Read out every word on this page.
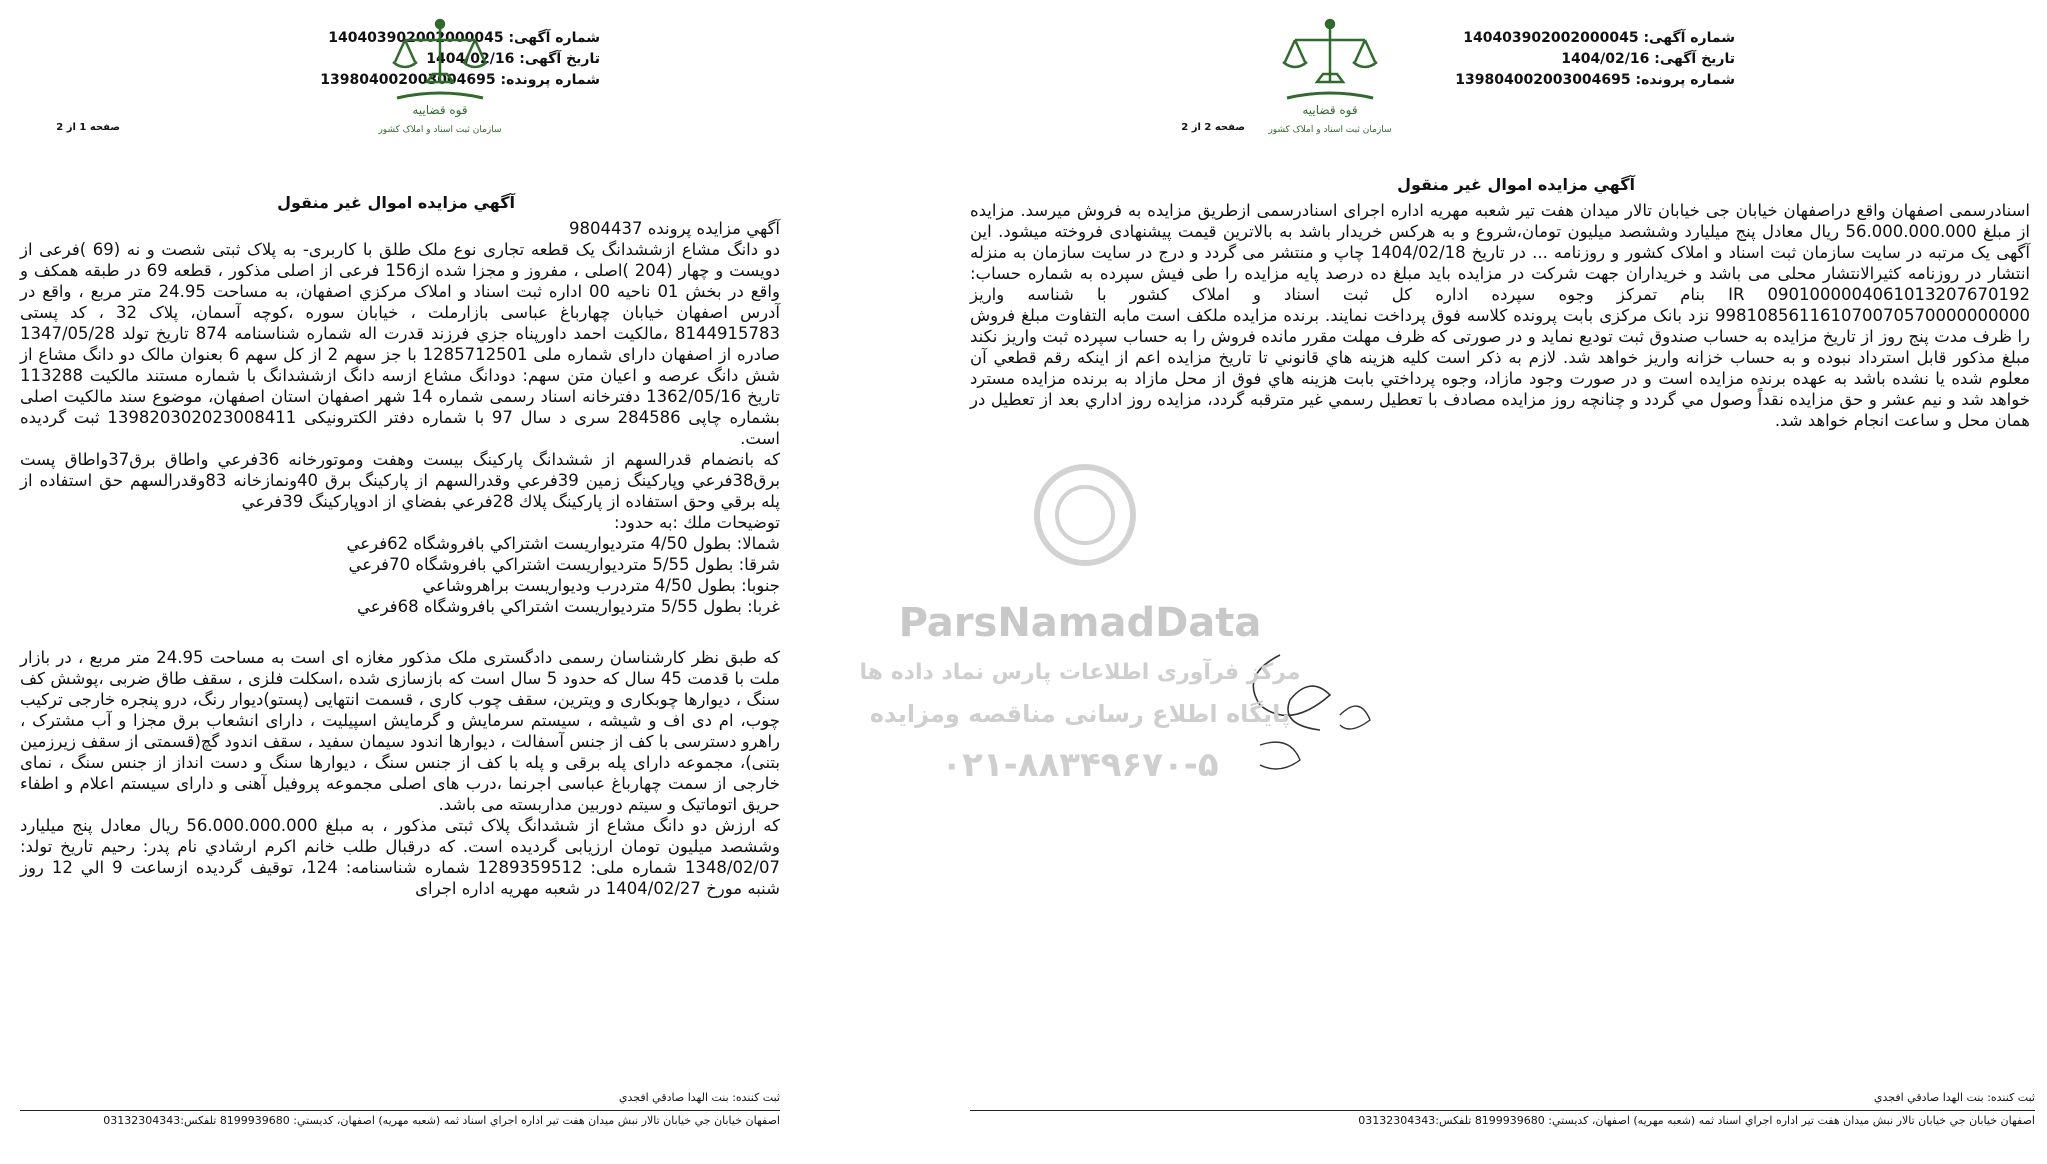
شماره آگهی: 140403902002000045
تاریخ آگهی: 1404/02/16
شماره پرونده: 139804002003004695
صفحه 1 از 2
قوه قضاییه
سازمان ثبت اسناد و املاک کشور
آگهي مزايده اموال غير منقول

آگهي مزايده پرونده 9804437

دو دانگ مشاع ازششدانگ یک قطعه تجاری نوع ملک طلق با کاربری- به پلاک ثبتی شصت و نه (69 )فرعی از دویست و چهار (204 )اصلی ، مفروز و مجزا شده از156 فرعی از اصلی مذکور ، قطعه 69 در طبقه همکف و واقع در بخش 01 ناحیه 00 اداره ثبت اسناد و املاک مرکزي اصفهان، به مساحت 24.95 متر مربع ، واقع در آدرس اصفهان خیابان چهارباغ عباسی بازارملت ، خیابان سوره ،کوچه آسمان، پلاک 32 ، کد پستی 8144915783 ،مالکیت احمد داورپناه جزي فرزند قدرت اله شماره شناسنامه 874 تاریخ تولد 1347/05/28 صادره از اصفهان دارای شماره ملی 1285712501 با جز سهم 2 از کل سهم 6 بعنوان مالک دو دانگ مشاع از شش دانگ عرصه و اعیان متن سهم: دودانگ مشاع ازسه دانگ ازششدانگ با شماره مستند مالکیت 113288 تاریخ 1362/05/16 دفترخانه اسناد رسمی شماره 14 شهر اصفهان استان اصفهان، موضوع سند مالکیت اصلی بشماره چاپی 284586 سری د سال 97 با شماره دفتر الکترونیکی 139820302023008411 ثبت گردیده است.

که بانضمام قدرالسهم از ششدانگ پارکینگ بیست وهفت وموتورخانه 36فرعي واطاق برق37واطاق پست برق38فرعي وپاركينگ زمين 39فرعي وقدرالسهم از پاركينگ برق 40ونمازخانه 83وقدرالسهم حق استفاده از پله برقي وحق استفاده از پاركينگ پلاك 28فرعي بفضاي از ادوپاركينگ 39فرعي

توضيحات ملك :به حدود:

شمالا: بطول 4/50 متردیواریست اشتراکي بافروشگاه 62فرعي

شرقا: بطول 5/55 متردیواریست اشتراکي بافروشگاه 70فرعي

جنوبا: بطول 4/50 متردرب ودیواریست براهروشاعي

غربا: بطول 5/55 متردیواریست اشتراکي بافروشگاه 68فرعي

که طبق نظر کارشناسان رسمی دادگستری ملک مذکور مغازه ای است به مساحت 24.95 متر مربع ، در بازار ملت با قدمت 45 سال که حدود 5 سال است که بازسازی شده ،اسکلت فلزی ، سقف طاق ضربی ،پوشش کف سنگ ، دیوارها چوبکاری و ویترین، سقف چوب کاری ، قسمت انتهایی (پستو)دیوار رنگ، درو پنجره خارجی ترکیب چوب، ام دی اف و شیشه ، سیستم سرمایش و گرمایش اسپیلیت ، دارای انشعاب برق مجزا و آب مشترک ، راهرو دسترسی با کف از جنس آسفالت ، دیوارها اندود سیمان سفید ، سقف اندود گچ(قسمتی از سقف زیرزمین بتنی)، مجموعه دارای پله برقی و پله با کف از جنس سنگ ، دیوارها سنگ و دست انداز از جنس سنگ ، نمای خارجی از سمت چهارباغ عباسی اجرنما ،درب های اصلی مجموعه پروفیل آهنی و دارای سیستم اعلام و اطفاء حریق اتوماتیک و سیتم دوربین مداربسته می باشد.

که ارزش دو دانگ مشاع از ششدانگ پلاک ثبتی مذکور ، به مبلغ 56.000.000.000 ریال معادل پنج میلیارد وششصد میلیون تومان ارزیابی گردیده است. که درقبال طلب خانم اکرم ارشادي نام پدر: رحيم تاريخ تولد: 1348/02/07 شماره ملی: 1289359512 شماره شناسنامه: 124، توقیف گردیده ازساعت 9 الي 12 روز شنبه مورخ 1404/02/27 در شعبه مهریه اداره اجرای

ثبت کننده: بنت الهدا صادقي افجدي
اصفهان خيابان جي خيابان تالار نبش ميدان هفت تير اداره اجراي اسناد ثمه (شعبه مهريه) اصفهان، کديستي: 8199939680 تلفکس:03132304343
شماره آگهی: 140403902002000045
تاریخ آگهی: 1404/02/16
شماره پرونده: 139804002003004695
صفحه 2 از 2
قوه قضاییه
سازمان ثبت اسناد و املاک کشور
آگهي مزايده اموال غير منقول

اسنادرسمی اصفهان واقع دراصفهان خیابان جی خیابان تالار میدان هفت تیر شعبه مهریه اداره اجرای اسنادرسمی ازطریق مزایده به فروش میرسد. مزایده از مبلغ 56.000.000.000 ریال معادل پنج میلیارد وششصد میلیون تومان،شروع و به هرکس خریدار باشد به بالاترین قیمت پیشنهادی فروخته میشود. این آگهی یک مرتبه در سایت سازمان ثبت اسناد و املاک کشور و روزنامه ... در تاریخ 1404/02/18 چاپ و منتشر می گردد و درج در سایت سازمان به منزله انتشار در روزنامه کثیرالانتشار محلی می باشد و خریداران جهت شرکت در مزایده باید مبلغ ده درصد پایه مزایده را طی فیش سپرده به شماره حساب: 0901000004061013207670192 IR بنام تمرکز وجوه سپرده اداره کل ثبت اسناد و املاک کشور با شناسه واریز 998108561161070070570000000000 نزد بانک مرکزی بابت پرونده کلاسه فوق پرداخت نمایند. برنده مزایده ملکف است مابه التفاوت مبلغ فروش را ظرف مدت پنج روز از تاریخ مزایده به حساب صندوق ثبت تودیع نماید و در صورتی که ظرف مهلت مقرر مانده فروش را به حساب سپرده ثبت واریز نکند مبلغ مذکور قابل استرداد نبوده و به حساب خزانه واریز خواهد شد. لازم به ذکر است کلیه هزینه هاي قانوني تا تاریخ مزایده اعم از اینکه رقم قطعي آن معلوم شده یا نشده باشد به عهده برنده مزایده است و در صورت وجود مازاد، وجوه پرداختي بابت هزینه هاي فوق از محل مازاد به برنده مزایده مسترد خواهد شد و نیم عشر و حق مزایده نقداً وصول مي گردد و چنانچه روز مزایده مصادف با تعطیل رسمي غیر مترقبه گردد، مزایده روز اداري بعد از تعطیل در همان محل و ساعت انجام خواهد شد.

ثبت کننده: بنت الهدا صادقي افجدي
اصفهان خيابان جي خيابان تالار نبش ميدان هفت تير اداره اجراي اسناد ثمه (شعبه مهريه) اصفهان، کديستي: 8199939680 تلفکس:03132304343
ParsNamadData
مرکز فرآوری اطلاعات پارس نماد داده ها
پایگاه اطلاع رسانی مناقصه ومزایده
۰۲۱-۸۸۳۴۹۶۷۰-۵
